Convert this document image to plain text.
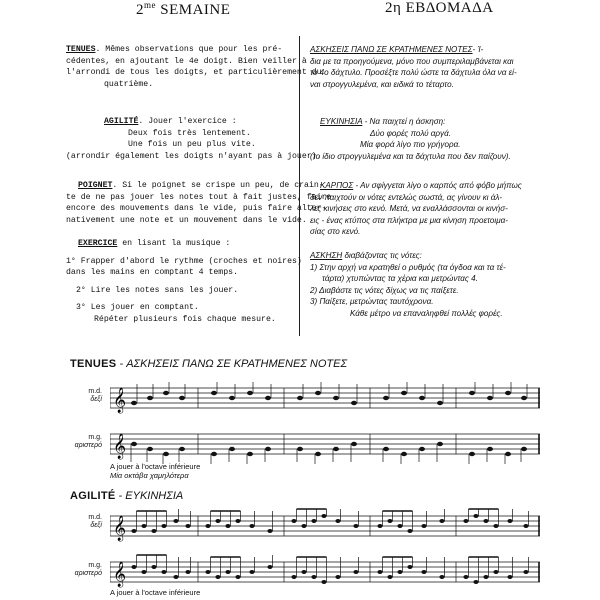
$2^{me}$ SEMAINE	2η ΕΒΔΟΜΑΔΑ
TENUES. Mêmes observations que pour les pré-
cédentes, en ajoutant le 4e doigt. Bien veiller à
l'arrondi de tous les doigts, et particulièrement du
quatrième.
AGILITÉ. Jouer l'exercice :
Deux fois très lentement.
Une fois un peu plus vite.
(arrondir également les doigts n'ayant pas à jouer).
POIGNET. Si le poignet se crispe un peu, de crain-
te de ne pas jouer les notes tout à fait justes, faire
encore des mouvements dans le vide, puis faire alter-
nativement une note et un mouvement dans le vide.
EXERCICE en lisant la musique :
1° Frapper d'abord le rythme (croches et noires)
dans les mains en comptant 4 temps.
2° Lire les notes sans les jouer.
3° Les jouer en comptant.
Répéter plusieurs fois chaque mesure.
ΑΣΚΗΣΕΙΣ ΠΑΝΩ ΣΕ ΚΡΑΤΗΜΕΝΕΣ ΝΟΤΕΣ- Ί-
δια με τα προηγούμενα, μόνο που συμπεριλαμβάνεται και
το 4ο δάχτυλο. Προσέξτε πολύ ώστε τα δάχτυλα όλα να εί-
ναι στρογγυλεμένα, και ειδικά το τέταρτο.
ΕΥΚΙΝΗΣΙΑ - Να παιχτεί η άσκηση:
Δύο φορές πολύ αργά.
Μία φορά λίγο πιο γρήγορα.
(το ίδιο στρογγυλεμένα και τα δάχτυλα που δεν παίζουν).
ΚΑΡΠΟΣ - Αν σφίγγεται λίγο ο καρπός από φόβο μήπως
δεν παιχτούν οι νότες εντελώς σωστά, ας γίνουν κι άλ-
λες κινήσεις στο κενό. Μετά, να εναλλάσσονται οι κινήσ-
εις - ένας κτύπος στα πλήκτρα με μια κίνηση προετοιμα-
σίας στο κενό.
ΑΣΚΗΣΗ διαβάζοντας τις νότες:
1) Στην αρχή να κρατηθεί ο ρυθμός (τα όγδοα και τα τέ-
τάρτα) χτυπώντας τα χέρια και μετρώντας 4.
2) Διαβάστε τις νότες δίχως να τις παίξετε.
3) Παίξετε, μετρώντας ταυτόχρονα.
Κάθε μέτρο να επαναληφθεί πολλές φορές.
TENUES - ΑΣΚΗΣΕΙΣ ΠΑΝΩ ΣΕ ΚΡΑΤΗΜΕΝΕΣ ΝΟΤΕΣ
m.d.
δεξί 𝄞
m.g.
αριστερό 𝄞
A jouer à l'octave inférieure
Μία οκτάβα χαμηλότερα
AGILITÉ - ΕΥΚΙΝΗΣΙΑ
m.d.
δεξί 𝄞
m.g.
αριστερό 𝄞
A jouer à l'octave inférieure
